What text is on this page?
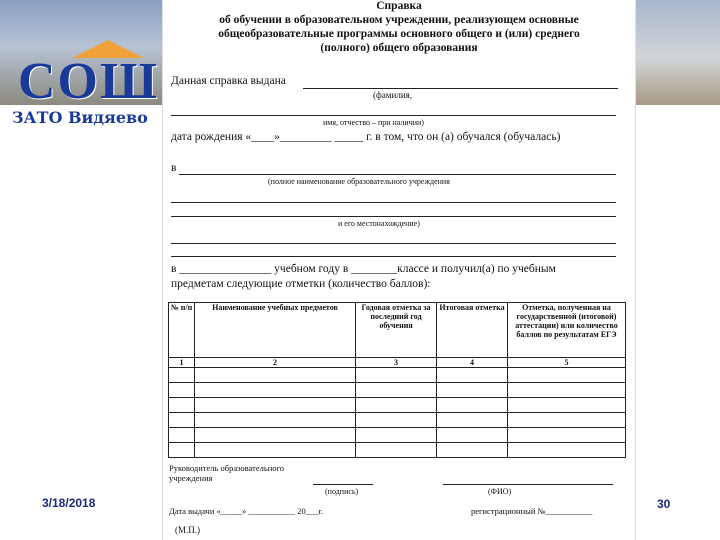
СОШ
ЗАТО Видяево
Справка
об обучении в образовательном учреждении, реализующем основные
общеобразовательные программы основного общего и (или) среднего
(полного) общего образования
Данная справка выдана
(фамилия,
имя, отчество – при наличии)
дата рождения «____»_________ _____ г. в том, что он (а) обучался (обучалась)
в
(полное наименование образовательного учреждения
и его местонахождение)
в ________________ учебном году в ________классе и получил(а) по учебным
предметам следующие отметки (количество баллов):
№ п/п	Наименование учебных предметов	Годовая отметка за последний год обучения	Итоговая отметка	Отметка, полученная на государственной (итоговой) аттестации) или количество баллов по результатам ЕГЭ
1	2	3	4	5

Руководитель образовательного учреждения
(подпись)	(ФИО)
Дата выдачи «_____» ___________ 20___г.	регистрационный №___________
(М.П.)
3/18/2018	30
